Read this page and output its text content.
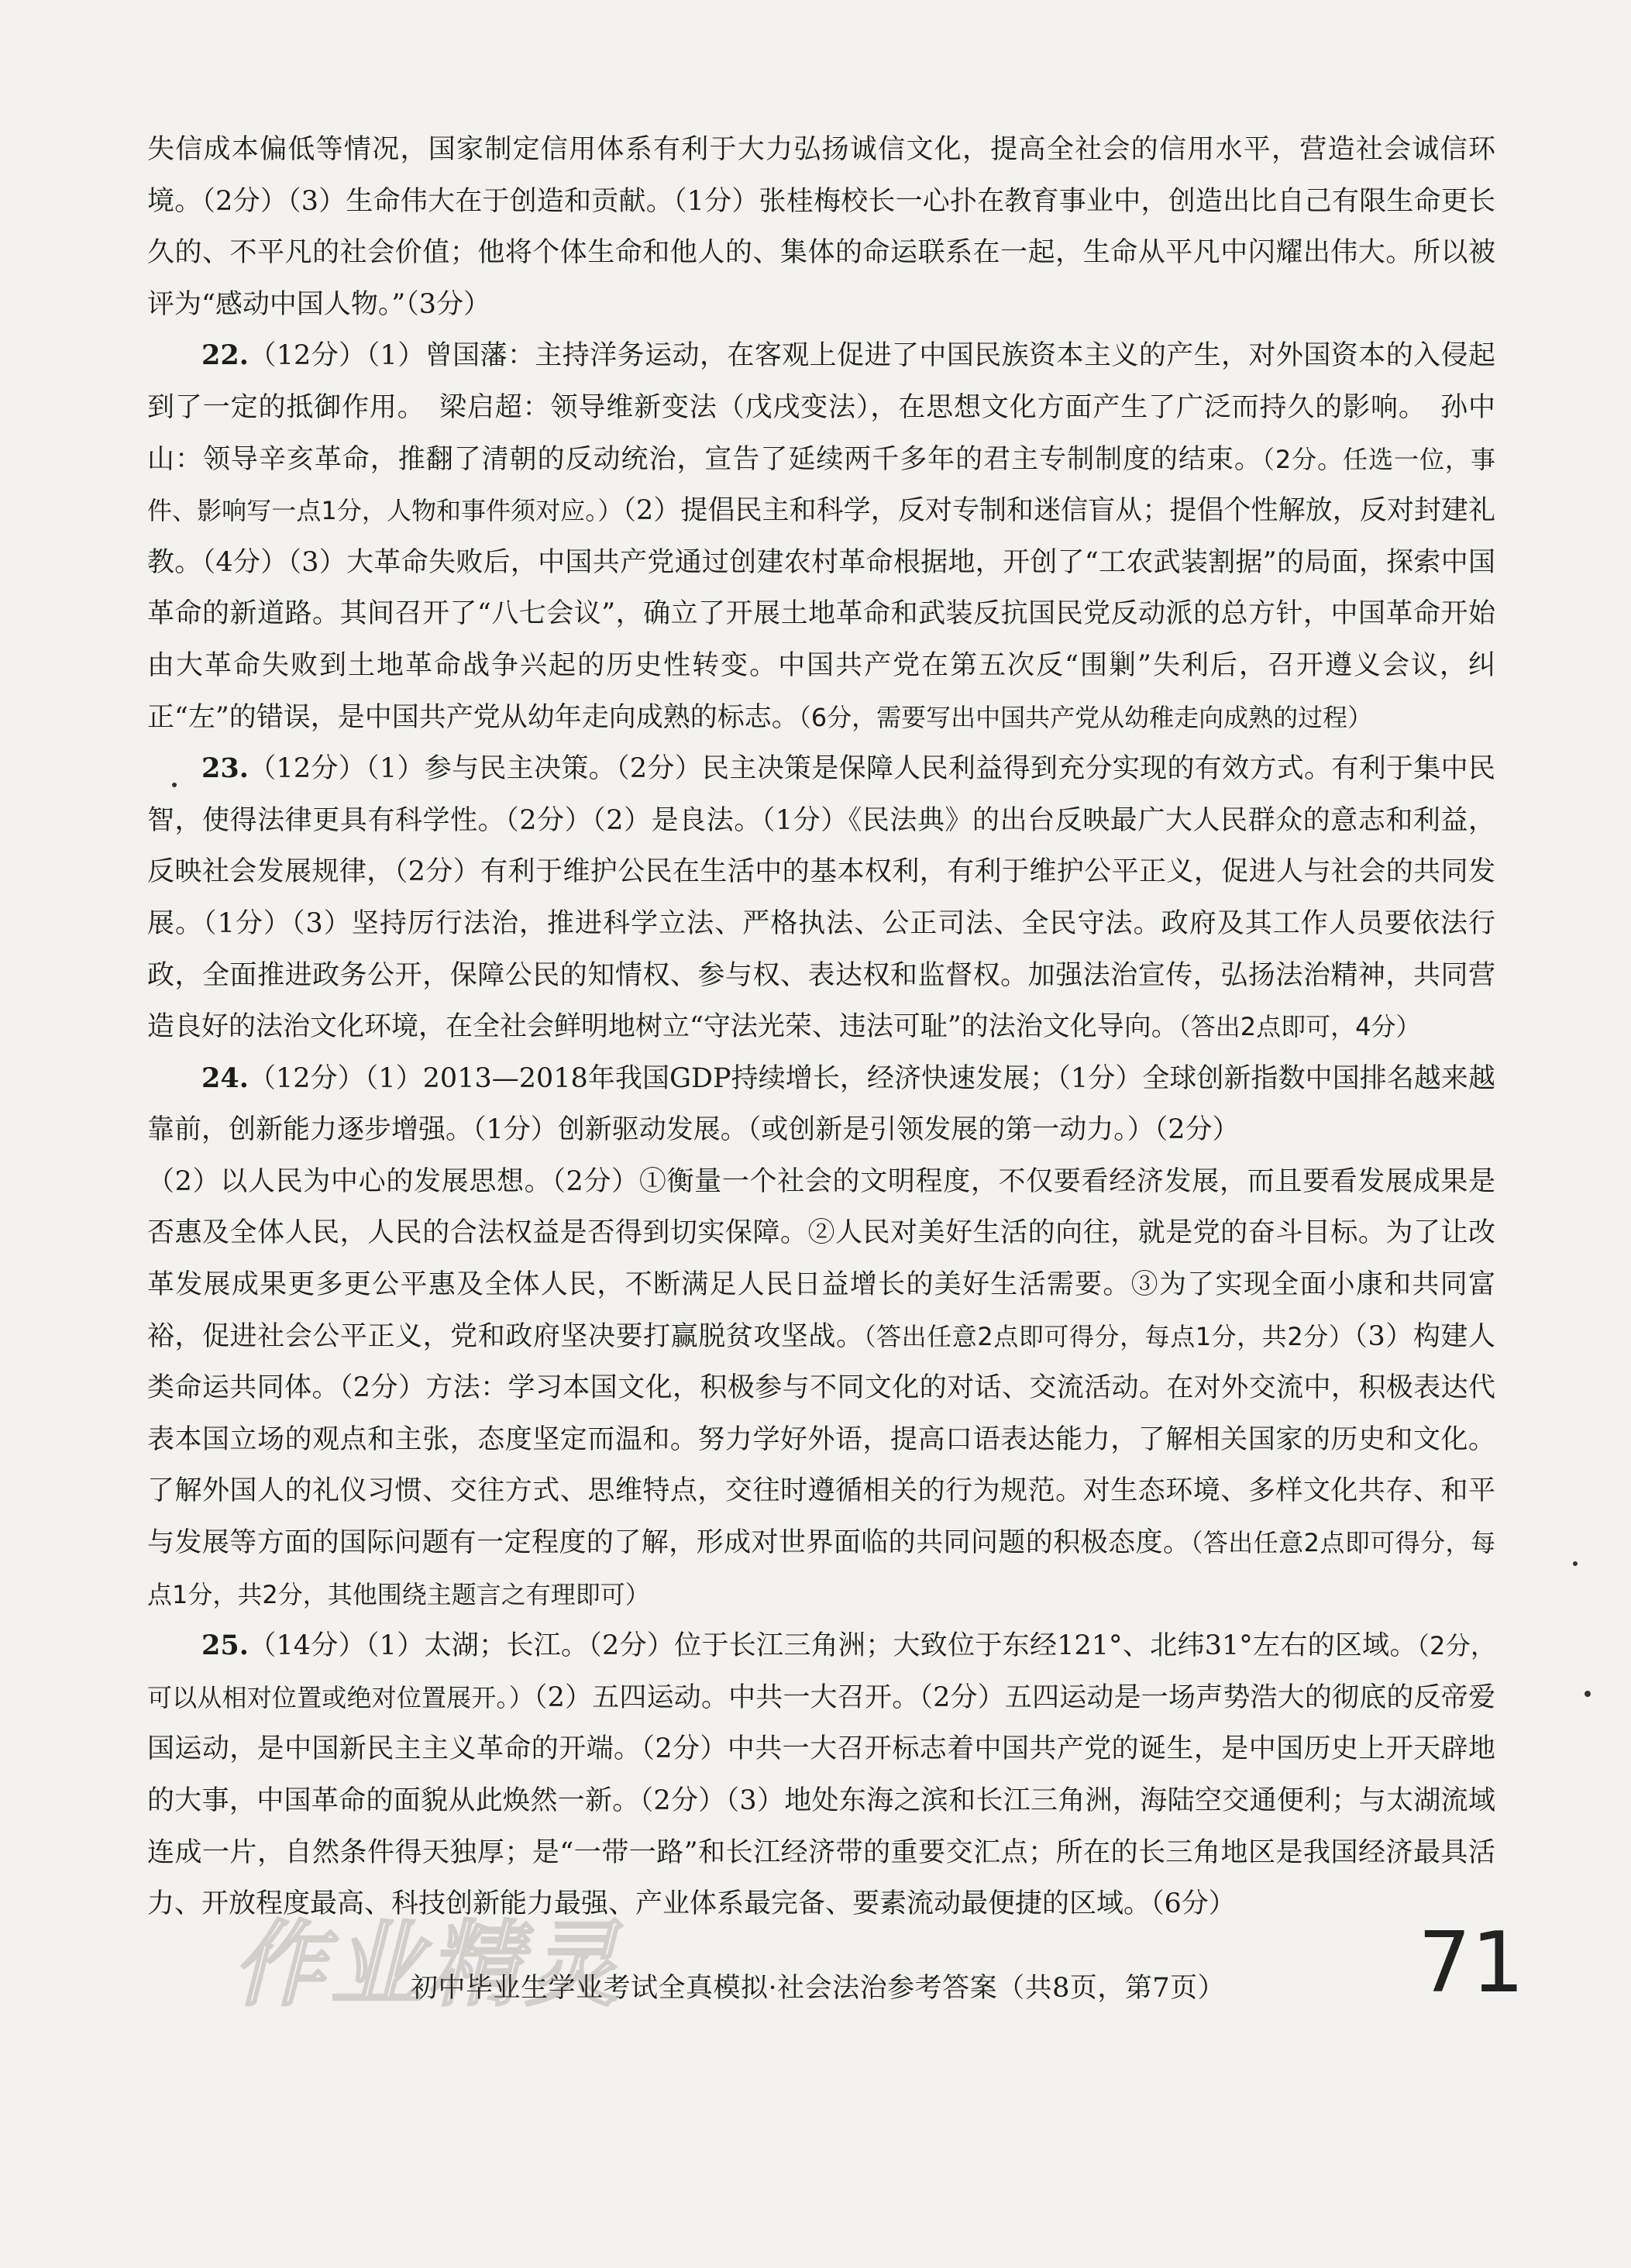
失信成本偏低等情况，国家制定信用体系有利于大力弘扬诚信文化，提高全社会的信用水平，营造社会诚信环境。（2分）（3）生命伟大在于创造和贡献。（1分）张桂梅校长一心扑在教育事业中，创造出比自己有限生命更长久的、不平凡的社会价值；他将个体生命和他人的、集体的命运联系在一起，生命从平凡中闪耀出伟大。所以被评为“感动中国人物。”（3分）

22.（12分）（1）曾国藩：主持洋务运动，在客观上促进了中国民族资本主义的产生，对外国资本的入侵起到了一定的抵御作用。　梁启超：领导维新变法（戊戌变法），在思想文化方面产生了广泛而持久的影响。　孙中山：领导辛亥革命，推翻了清朝的反动统治，宣告了延续两千多年的君主专制制度的结束。（2分。任选一位，事件、影响写一点1分，人物和事件须对应。）（2）提倡民主和科学，反对专制和迷信盲从；提倡个性解放，反对封建礼教。（4分）（3）大革命失败后，中国共产党通过创建农村革命根据地，开创了“工农武装割据”的局面，探索中国革命的新道路。其间召开了“八七会议”，确立了开展土地革命和武装反抗国民党反动派的总方针，中国革命开始由大革命失败到土地革命战争兴起的历史性转变。中国共产党在第五次反“围剿”失利后，召开遵义会议，纠正“左”的错误，是中国共产党从幼年走向成熟的标志。（6分，需要写出中国共产党从幼稚走向成熟的过程）

23.（12分）（1）参与民主决策。（2分）民主决策是保障人民利益得到充分实现的有效方式。有利于集中民智，使得法律更具有科学性。（2分）（2）是良法。（1分）《民法典》的出台反映最广大人民群众的意志和利益，反映社会发展规律，（2分）有利于维护公民在生活中的基本权利，有利于维护公平正义，促进人与社会的共同发展。（1分）（3）坚持厉行法治，推进科学立法、严格执法、公正司法、全民守法。政府及其工作人员要依法行政，全面推进政务公开，保障公民的知情权、参与权、表达权和监督权。加强法治宣传，弘扬法治精神，共同营造良好的法治文化环境，在全社会鲜明地树立“守法光荣、违法可耻”的法治文化导向。（答出2点即可，4分）

24.（12分）（1）2013—2018年我国GDP持续增长，经济快速发展；（1分）全球创新指数中国排名越来越靠前，创新能力逐步增强。（1分）创新驱动发展。（或创新是引领发展的第一动力。）（2分）

（2）以人民为中心的发展思想。（2分）①衡量一个社会的文明程度，不仅要看经济发展，而且要看发展成果是否惠及全体人民，人民的合法权益是否得到切实保障。②人民对美好生活的向往，就是党的奋斗目标。为了让改革发展成果更多更公平惠及全体人民，不断满足人民日益增长的美好生活需要。③为了实现全面小康和共同富裕，促进社会公平正义，党和政府坚决要打赢脱贫攻坚战。（答出任意2点即可得分，每点1分，共2分）（3）构建人类命运共同体。（2分）方法：学习本国文化，积极参与不同文化的对话、交流活动。在对外交流中，积极表达代表本国立场的观点和主张，态度坚定而温和。努力学好外语，提高口语表达能力，了解相关国家的历史和文化。了解外国人的礼仪习惯、交往方式、思维特点，交往时遵循相关的行为规范。对生态环境、多样文化共存、和平与发展等方面的国际问题有一定程度的了解，形成对世界面临的共同问题的积极态度。（答出任意2点即可得分，每点1分，共2分，其他围绕主题言之有理即可）

25.（14分）（1）太湖；长江。（2分）位于长江三角洲；大致位于东经121°、北纬31°左右的区域。（2分，可以从相对位置或绝对位置展开。）（2）五四运动。中共一大召开。（2分）五四运动是一场声势浩大的彻底的反帝爱国运动，是中国新民主主义革命的开端。（2分）中共一大召开标志着中国共产党的诞生，是中国历史上开天辟地的大事，中国革命的面貌从此焕然一新。（2分）（3）地处东海之滨和长江三角洲，海陆空交通便利；与太湖流域连成一片，自然条件得天独厚；是“一带一路”和长江经济带的重要交汇点；所在的长三角地区是我国经济最具活力、开放程度最高、科技创新能力最强、产业体系最完备、要素流动最便捷的区域。（6分）

作业精灵
初中毕业生学业考试全真模拟·社会法治参考答案（共8页，第7页） 71
